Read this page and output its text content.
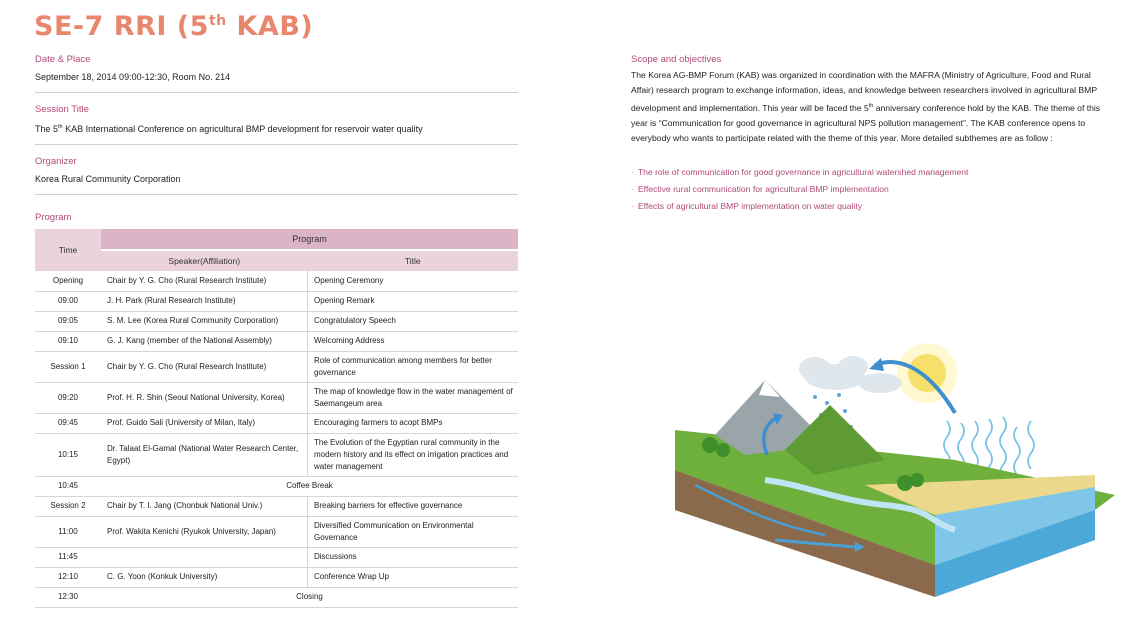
SE-7 RRI (5th KAB)
Date & Place
September 18, 2014 09:00-12:30, Room No. 214
Session Title
The 5th KAB International Conference on agricultural BMP development for reservoir water quality
Organizer
Korea Rural Community Corporation
Program
Time	Program	
	Speaker(Affiliation)	Title
Opening	Chair by Y. G. Cho (Rural Research Institute)	Opening Ceremony
09:00	J. H. Park (Rural Research Institute)	Opening Remark
09:05	S. M. Lee (Korea Rural Community Corporation)	Congratulatory Speech
09:10	G. J. Kang (member of the National Assembly)	Welcoming Address
Session 1	Chair by Y. G. Cho (Rural Research Institute)	Role of communication among members for better governance
09:20	Prof. H. R. Shin (Seoul National University, Korea)	The map of knowledge flow in the water management of Saemangeum area
09:45	Prof. Guido Sali (University of Milan, Italy)	Encouraging farmers to acopt BMPs
10:15	Dr. Talaat El-Gamal (National Water Research Center, Egypt)	The Evolution of the Egyptian rural community in the modern history and its effect on irrigation practices and water management
10:45	Coffee Break	
Session 2	Chair by T. I. Jang (Chonbuk National Univ.)	Breaking barriers for effective governance
11:00	Prof. Wakita Kenichi (Ryukok University, Japan)	Diversified Communication on Environmental Governance
11:45		Discussions
12:10	C. G. Yoon (Konkuk University)	Conference Wrap Up
12:30	Closing	
Scope and objectives
The Korea AG-BMP Forum (KAB) was organized in coordination with the MAFRA (Ministry of Agriculture, Food and Rural Affair) research program to exchange information, ideas, and knowledge between researchers involved in agricultural BMP development and implementation. This year will be faced the 5th anniversary conference hold by the KAB. The theme of this year is “Communication for good governance in agricultural NPS pollution management”. The KAB conference opens to everybody who wants to participate related with the theme of this year. More detailed subthemes are as follow :
· The role of communication for good governance in agricultural watershed management
· Effective rural communication for agricultural BMP implementation
· Effects of agricultural BMP implementation on water quality
